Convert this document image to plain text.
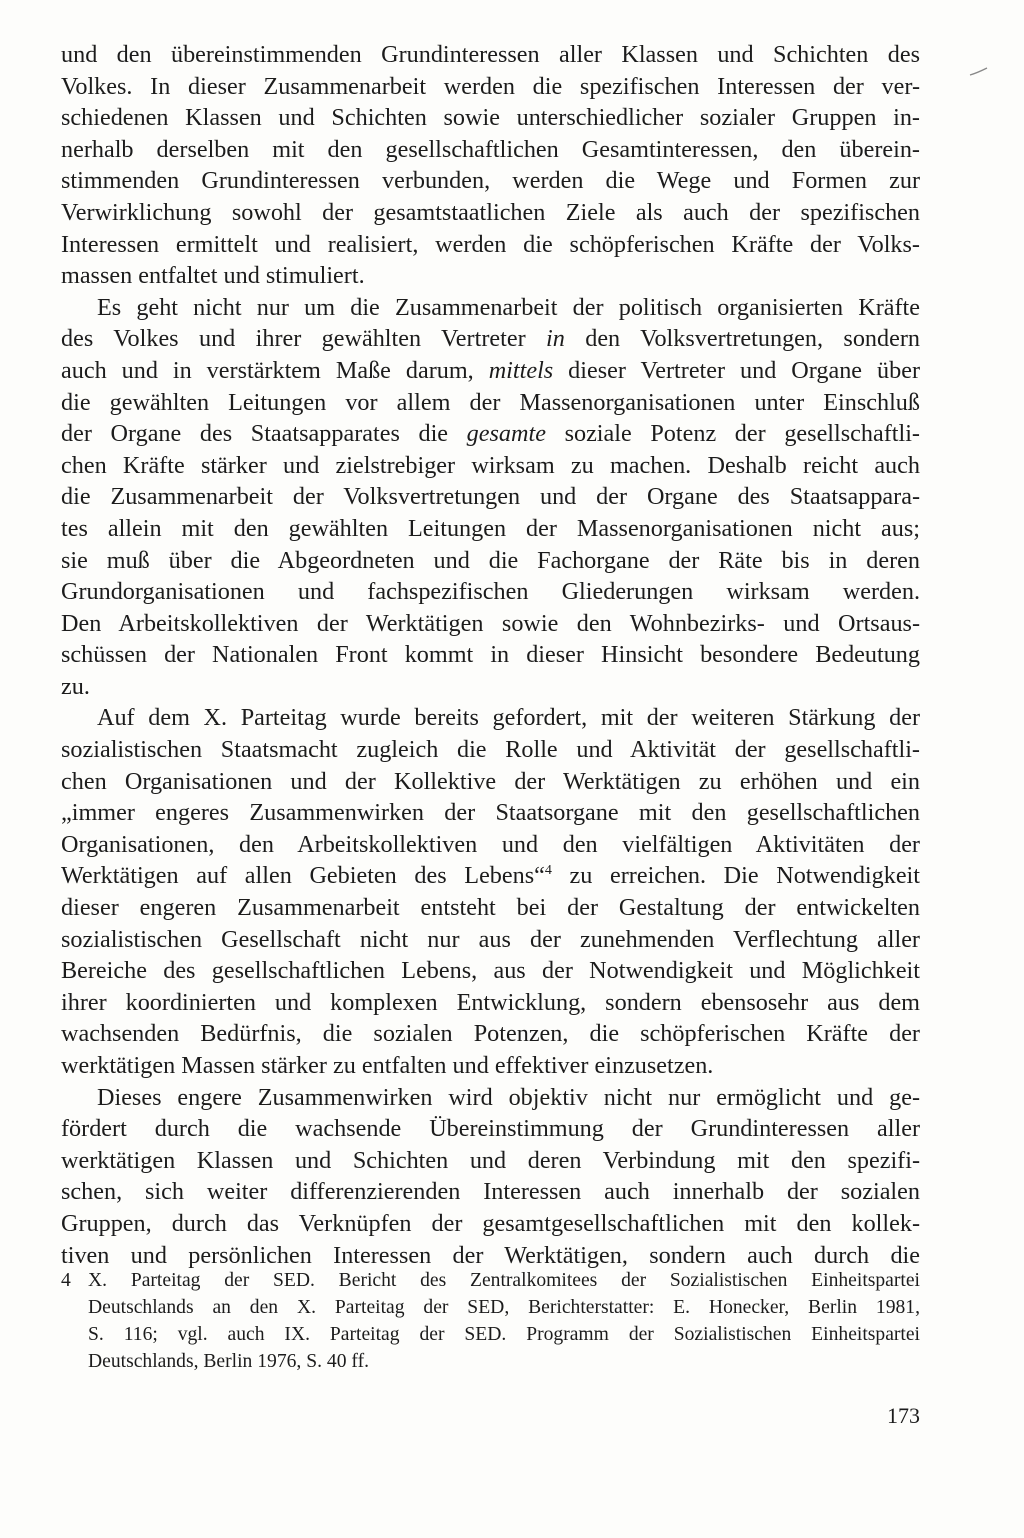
und den übereinstimmenden Grundinteressen aller Klassen und Schichten des
Volkes. In dieser Zusammenarbeit werden die spezifischen Interessen der ver-
schiedenen Klassen und Schichten sowie unterschiedlicher sozialer Gruppen in-
nerhalb derselben mit den gesellschaftlichen Gesamtinteressen, den überein-
stimmenden Grundinteressen verbunden, werden die Wege und Formen zur
Verwirklichung sowohl der gesamtstaatlichen Ziele als auch der spezifischen
Interessen ermittelt und realisiert, werden die schöpferischen Kräfte der Volks-
massen entfaltet und stimuliert.
Es geht nicht nur um die Zusammenarbeit der politisch organisierten Kräfte
des Volkes und ihrer gewählten Vertreter in den Volksvertretungen, sondern
auch und in verstärktem Maße darum, mittels dieser Vertreter und Organe über
die gewählten Leitungen vor allem der Massenorganisationen unter Einschluß
der Organe des Staatsapparates die gesamte soziale Potenz der gesellschaftli-
chen Kräfte stärker und zielstrebiger wirksam zu machen. Deshalb reicht auch
die Zusammenarbeit der Volksvertretungen und der Organe des Staatsappara-
tes allein mit den gewählten Leitungen der Massenorganisationen nicht aus;
sie muß über die Abgeordneten und die Fachorgane der Räte bis in deren
Grundorganisationen und fachspezifischen Gliederungen wirksam werden.
Den Arbeitskollektiven der Werktätigen sowie den Wohnbezirks- und Ortsaus-
schüssen der Nationalen Front kommt in dieser Hinsicht besondere Bedeutung
zu.
Auf dem X. Parteitag wurde bereits gefordert, mit der weiteren Stärkung der
sozialistischen Staatsmacht zugleich die Rolle und Aktivität der gesellschaftli-
chen Organisationen und der Kollektive der Werktätigen zu erhöhen und ein
„immer engeres Zusammenwirken der Staatsorgane mit den gesellschaftlichen
Organisationen, den Arbeitskollektiven und den vielfältigen Aktivitäten der
Werktätigen auf allen Gebieten des Lebens“$^4$ zu erreichen. Die Notwendigkeit
dieser engeren Zusammenarbeit entsteht bei der Gestaltung der entwickelten
sozialistischen Gesellschaft nicht nur aus der zunehmenden Verflechtung aller
Bereiche des gesellschaftlichen Lebens, aus der Notwendigkeit und Möglichkeit
ihrer koordinierten und komplexen Entwicklung, sondern ebensosehr aus dem
wachsenden Bedürfnis, die sozialen Potenzen, die schöpferischen Kräfte der
werktätigen Massen stärker zu entfalten und effektiver einzusetzen.
Dieses engere Zusammenwirken wird objektiv nicht nur ermöglicht und ge-
fördert durch die wachsende Übereinstimmung der Grundinteressen aller
werktätigen Klassen und Schichten und deren Verbindung mit den spezifi-
schen, sich weiter differenzierenden Interessen auch innerhalb der sozialen
Gruppen, durch das Verknüpfen der gesamtgesellschaftlichen mit den kollek-
tiven und persönlichen Interessen der Werktätigen, sondern auch durch die
4 X. Parteitag der SED. Bericht des Zentralkomitees der Sozialistischen Einheitspartei
Deutschlands an den X. Parteitag der SED, Berichterstatter: E. Honecker, Berlin 1981,
S. 116; vgl. auch IX. Parteitag der SED. Programm der Sozialistischen Einheitspartei
Deutschlands, Berlin 1976, S. 40 ff.
173
